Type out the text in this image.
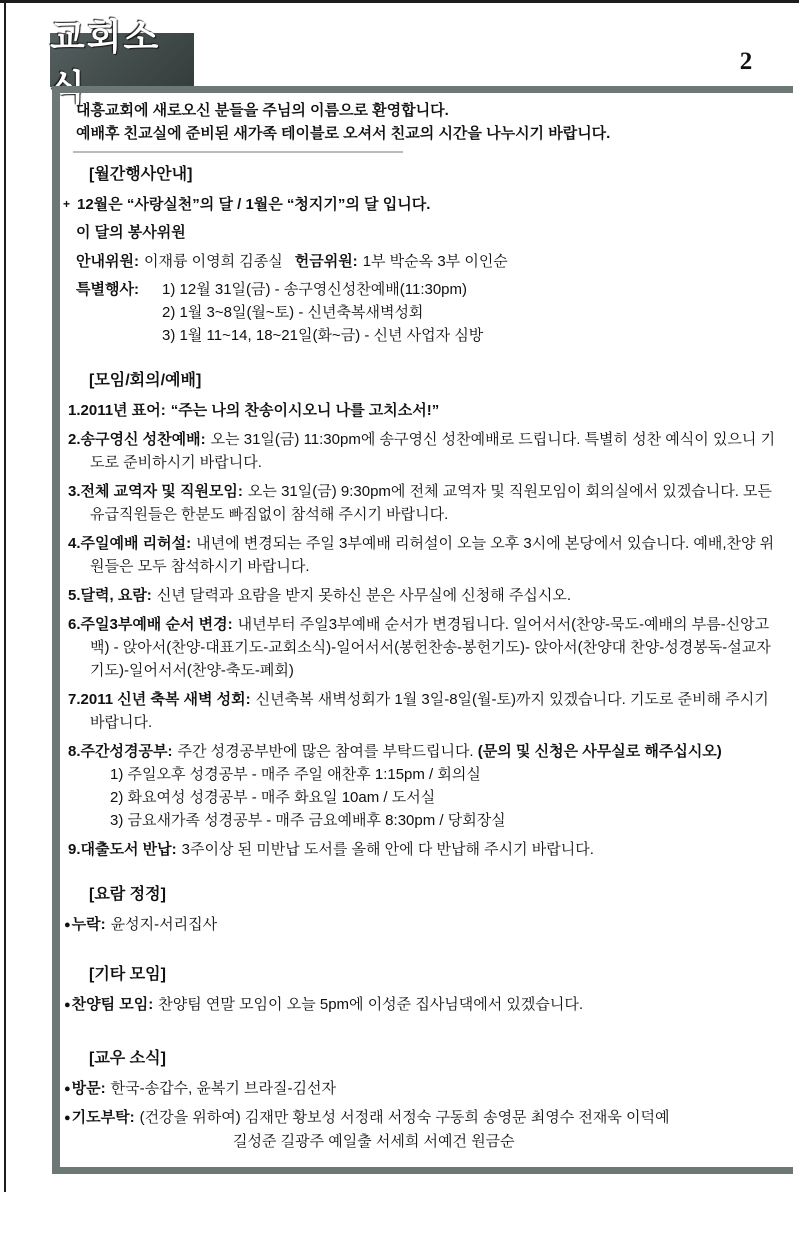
교회소식
2

대흥교회에 새로오신 분들을 주님의 이름으로 환영합니다.

예배후 친교실에 준비된 새가족 테이블로 오셔서 친교의 시간을 나누시기 바랍니다.

[월간행사안내]

+ 12월은 “사랑실천”의 달 / 1월은 “청지기”의 달 입니다.

이 달의 봉사위원

안내위원: 이재륭 이영희 김종실 헌금위원: 1부 박순옥 3부 이인순

특별행사:	1) 12월 31일(금) - 송구영신성찬예배(11:30pm)
2) 1월 3~8일(월~토) - 신년축복새벽성회
3) 1월 11~14, 18~21일(화~금) - 신년 사업자 심방
[모임/회의/예배]

1.2011년 표어: “주는 나의 찬송이시오니 나를 고치소서!”

2.송구영신 성찬예배: 오는 31일(금) 11:30pm에 송구영신 성찬예배로 드립니다. 특별히 성찬 예식이 있으니 기도로 준비하시기 바랍니다.

3.전체 교역자 및 직원모임: 오는 31일(금) 9:30pm에 전체 교역자 및 직원모임이 회의실에서 있겠습니다. 모든 유급직원들은 한분도 빠짐없이 참석해 주시기 바랍니다.

4.주일예배 리허설: 내년에 변경되는 주일 3부예배 리허설이 오늘 오후 3시에 본당에서 있습니다. 예배,찬양 위원들은 모두 참석하시기 바랍니다.

5.달력, 요람: 신년 달력과 요람을 받지 못하신 분은 사무실에 신청해 주십시오.

6.주일3부예배 순서 변경: 내년부터 주일3부예배 순서가 변경됩니다. 일어서서(찬양-묵도-예배의 부름-신앙고백) - 앉아서(찬양-대표기도-교회소식)-일어서서(봉헌찬송-봉헌기도)- 앉아서(찬양대 찬양-성경봉독-설교자기도)-일어서서(찬양-축도-폐회)

7.2011 신년 축복 새벽 성회: 신년축복 새벽성회가 1월 3일-8일(월-토)까지 있겠습니다. 기도로 준비해 주시기 바랍니다.

8.주간성경공부: 주간 성경공부반에 많은 참여를 부탁드립니다. (문의 및 신청은 사무실로 해주십시오)
1) 주일오후 성경공부 - 매주 주일 애찬후 1:15pm / 회의실
2) 화요여성 성경공부 - 매주 화요일 10am / 도서실
3) 금요새가족 성경공부 - 매주 금요예배후 8:30pm / 당회장실

9.대출도서 반납: 3주이상 된 미반납 도서를 올해 안에 다 반납해 주시기 바랍니다.

[요람 정정]

●누락: 윤성지-서리집사

[기타 모임]

●찬양팀 모임: 찬양팀 연말 모임이 오늘 5pm에 이성준 집사님댁에서 있겠습니다.

[교우 소식]

●방문: 한국-송갑수, 윤복기 브라질-김선자

●기도부탁: (건강을 위하여) 김재만 황보성 서정래 서정숙 구동희 송영문 최영수 전재욱 이덕예
길성준 길광주 예일출 서세희 서예건 원금순
